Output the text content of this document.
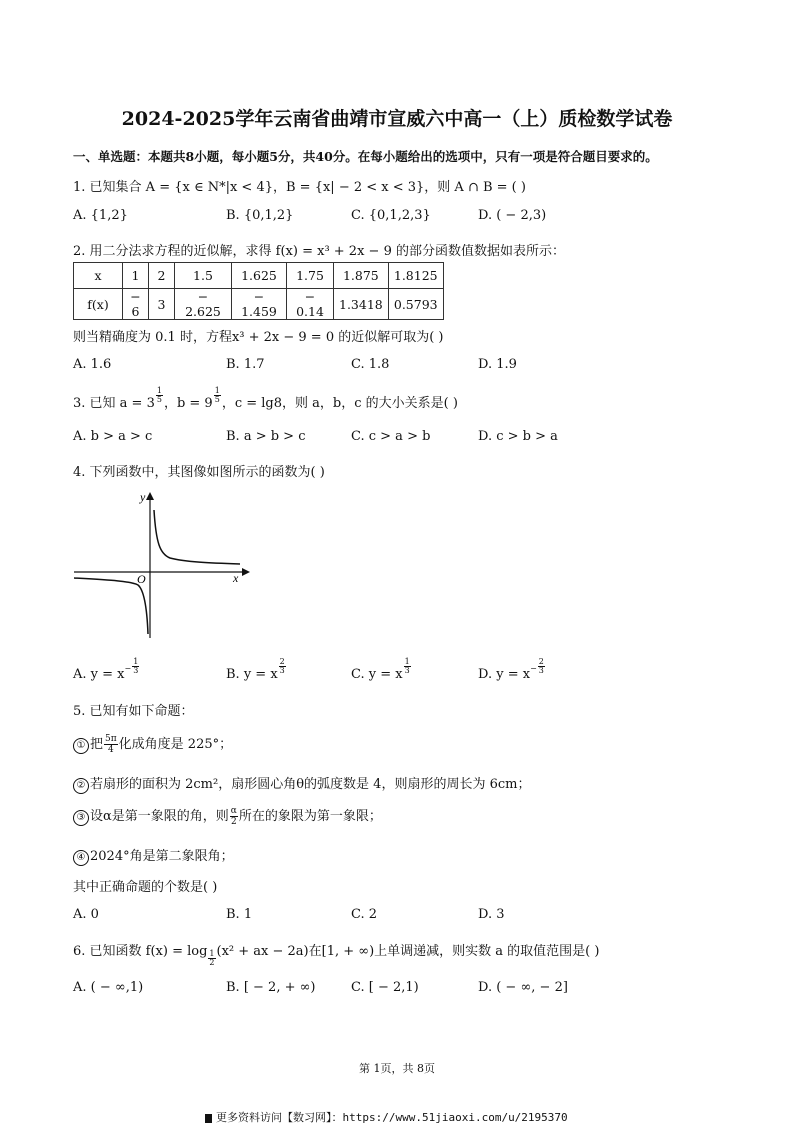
2024-2025学年云南省曲靖市宣威六中高一（上）质检数学试卷
一、单选题：本题共8小题，每小题5分，共40分。在每小题给出的选项中，只有一项是符合题目要求的。
1. 已知集合 A = {x ∈ N*|x < 4}，B = {x| − 2 < x < 3}，则 A ∩ B = ( )
A. {1,2}	B. {0,1,2}	C. {0,1,2,3}	D. ( − 2,3)
2. 用二分法求方程的近似解，求得 f(x) = x³ + 2x − 9 的部分函数值数据如表所示：
x	1	2	1.5	1.625	1.75	1.875	1.8125
f(x)	− 6	3	− 2.625	− 1.459	− 0.14	1.3418	0.5793
则当精确度为 0.1 时，方程x³ + 2x − 9 = 0 的近似解可取为( )
A. 1.6	B. 1.7	C. 1.8	D. 1.9
3. 已知 $a = 3 \frac{1}{5}$ ，$b = 9 \frac{1}{5}$ ，c = lg8，则 a，b，c 的大小关系是( )
A. b > a > c	B. a > b > c	C. c > a > b	D. c > b > a
4. 下列函数中，其图像如图所示的函数为( )
x
y
O
A. $y = x^- \frac{1}{3}$	B. y = x $\frac{2}{3}$	C. y = x $\frac{1}{3}$	D. $y = x^- \frac{2}{3}$
5. 已知有如下命题：
① 把 $\frac{5\pi}{4}$ 化成角度是 225°；
② 若扇形的面积为 2cm²，扇形圆心角θ的弧度数是 4，则扇形的周长为 6cm；
③ 设α是第一象限的角，则 $\frac{\alpha}{2}$ 所在的象限为第一象限；
④ 2024°角是第二象限角；
其中正确命题的个数是( )
A. 0	B. 1	C. 2	D. 3
6. 已知函数 $f(x) = \log \frac{1}{2} (x^2$ + ax − 2a)在[1, + ∞)上单调递减，则实数 a 的取值范围是( )
A. ( − ∞,1)	B. [ − 2, + ∞)	C. [ − 2,1)	D. ( − ∞, − 2]
第 1页，共 8页
更多资料访问【数习网】：https://www.51jiaoxi.com/u/2195370
